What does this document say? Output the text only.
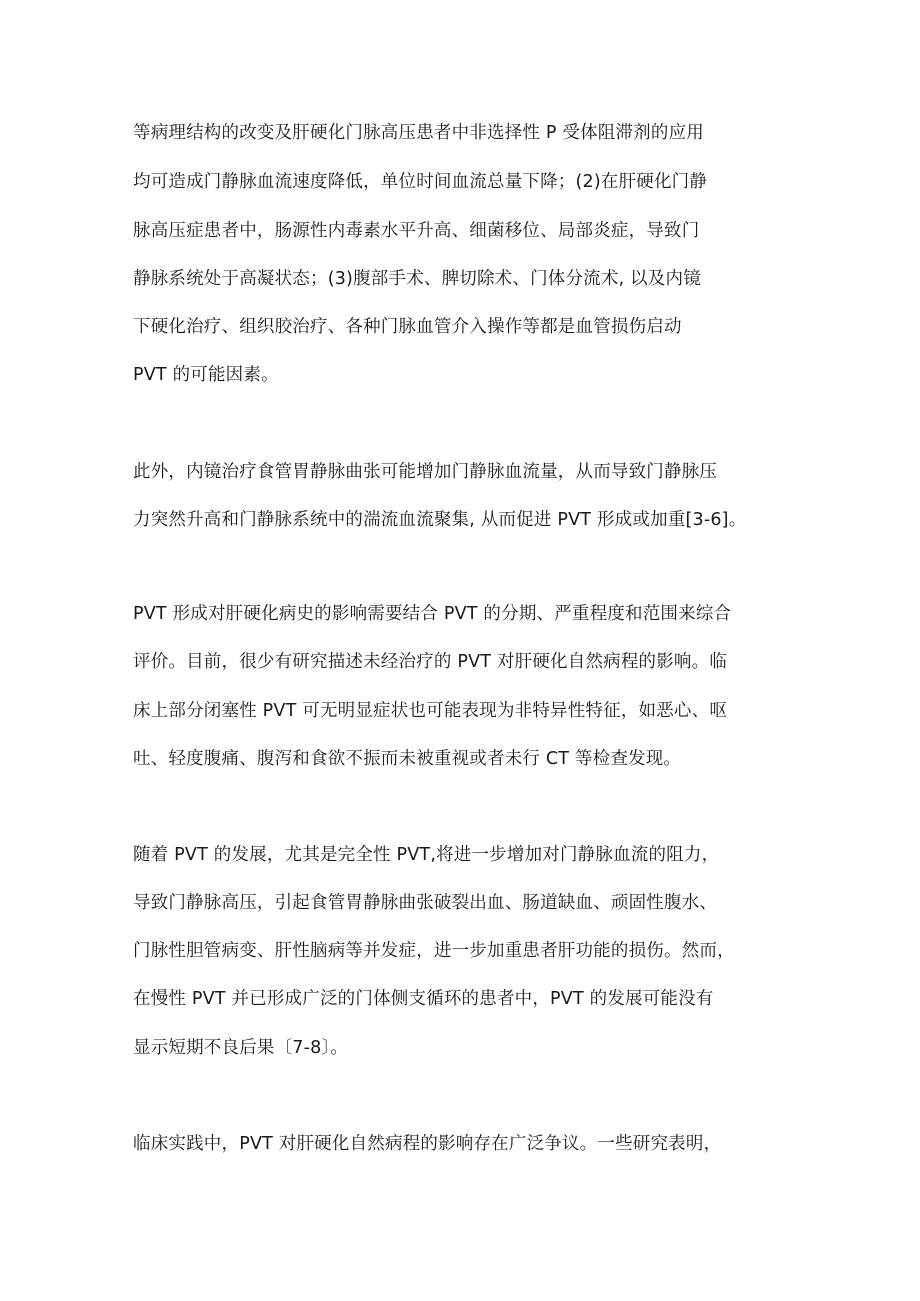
等病理结构的改变及肝硬化门脉高压患者中非选择性 P 受体阻滞剂的应用
均可造成门静脉血流速度降低，单位时间血流总量下降；(2)在肝硬化门静
脉高压症患者中，肠源性内毒素水平升高、细菌移位、局部炎症，导致门
静脉系统处于高凝状态；(3)腹部手术、脾切除术、门体分流术, 以及内镜
下硬化治疗、组织胶治疗、各种门脉血管介入操作等都是血管损伤启动
PVT 的可能因素。
此外，内镜治疗食管胃静脉曲张可能增加门静脉血流量，从而导致门静脉压
力突然升高和门静脉系统中的湍流血流聚集, 从而促进 PVT 形成或加重[3-6]。
PVT 形成对肝硬化病史的影响需要结合 PVT 的分期、严重程度和范围来综合
评价。目前，很少有研究描述未经治疗的 PVT 对肝硬化自然病程的影响。临
床上部分闭塞性 PVT 可无明显症状也可能表现为非特异性特征，如恶心、呕
吐、轻度腹痛、腹泻和食欲不振而未被重视或者未行 CT 等检查发现。
随着 PVT 的发展，尤其是完全性 PVT,将进一步增加对门静脉血流的阻力，
导致门静脉高压，引起食管胃静脉曲张破裂出血、肠道缺血、顽固性腹水、
门脉性胆管病变、肝性脑病等并发症，进一步加重患者肝功能的损伤。然而，
在慢性 PVT 并已形成广泛的门体侧支循环的患者中，PVT 的发展可能没有
显示短期不良后果〔7-8〕。
临床实践中，PVT 对肝硬化自然病程的影响存在广泛争议。一些研究表明，
